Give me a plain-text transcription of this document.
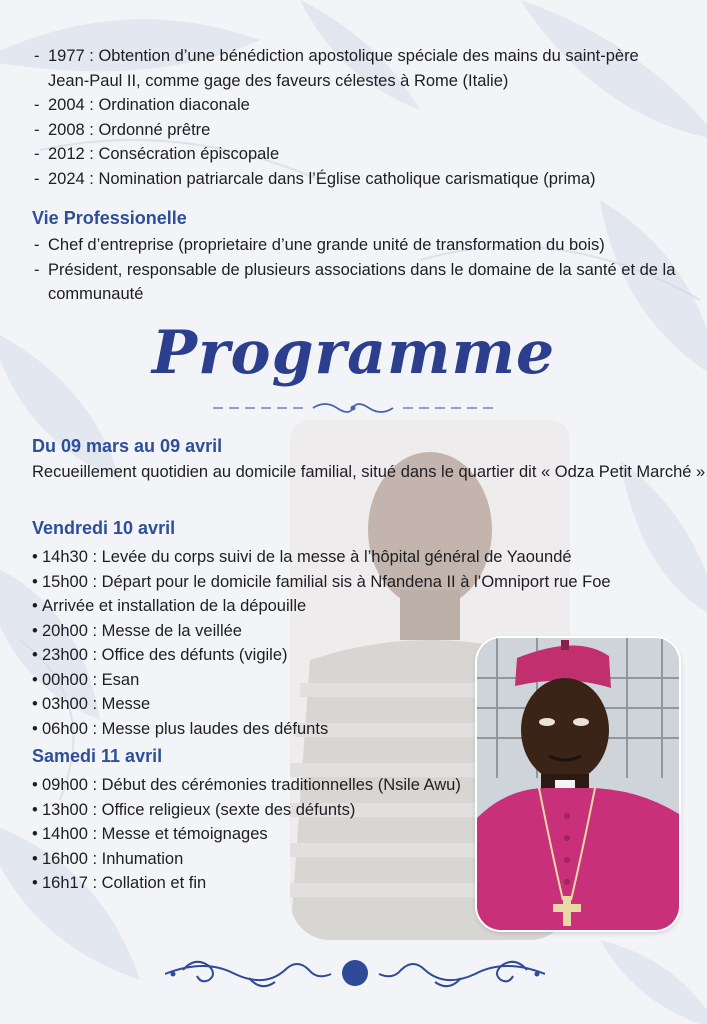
- 1977 : Obtention d’une bénédiction apostolique spéciale des mains du saint-père Jean-Paul II, comme gage des faveurs célestes à Rome (Italie)
- 2004 : Ordination diaconale
- 2008 : Ordonné prêtre
- 2012 : Consécration épiscopale
- 2024 : Nomination patriarcale dans l’Église catholique carismatique (prima)
Vie Professionelle
- Chef d’entreprise (proprietaire d’une grande unité de transformation du bois)
- Président, responsable de plusieurs associations dans le domaine de la santé et de la communauté
Programme
Du 09 mars au 09 avril

Recueillement quotidien au domicile familial, situé dans le quartier dit « Odza Petit Marché »

Vendredi 10 avril
• 14h30 : Levée du corps suivi de la messe à l’hôpital général de Yaoundé
• 15h00 : Départ pour le domicile familial sis à Nfandena II à l’Omniport rue Foe
• Arrivée et installation de la dépouille
• 20h00 : Messe de la veillée
• 23h00 : Office des défunts (vigile)
• 00h00 : Esan
• 03h00 : Messe
• 06h00 : Messe plus laudes des défunts
Samedi 11 avril
• 09h00 : Début des cérémonies traditionnelles (Nsile Awu)
• 13h00 : Office religieux (sexte des défunts)
• 14h00 : Messe et témoignages
• 16h00 : Inhumation
• 16h17 : Collation et fin
